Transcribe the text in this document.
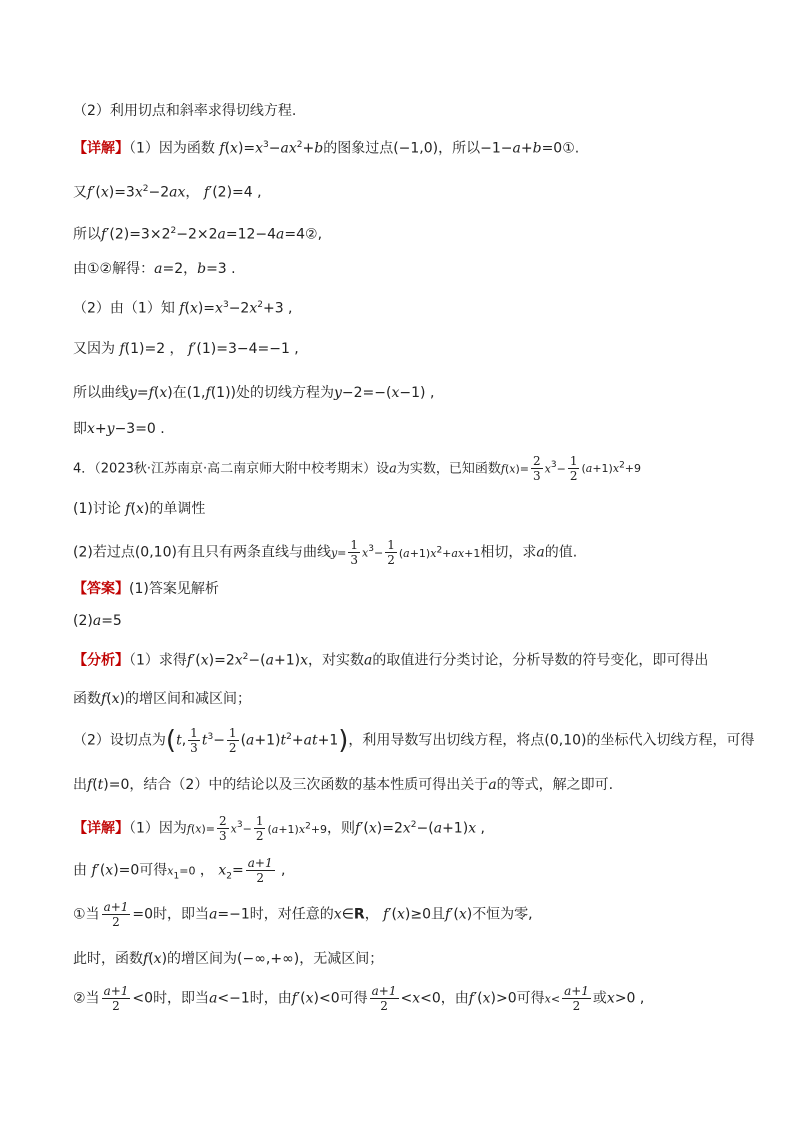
（2）利用切点和斜率求得切线方程.
【详解】（1）因为函数 $f(x)=x^3-ax^2+b$的图象过点(−1,0)，所以−1−a+b=0①.
又$f'(x)=3x^2-2ax$， f′(2)=4 ,
所以$f'(2)=3\times 2^2-2\times 2a=12-4a=4②$,
由①②解得：a=2，b=3 .
（2）由（1）知 $f(x)=x^3-2x^2+3$ ,
又因为 f(1)=2 ， f′(1)=3−4=−1 ,
所以曲线y=f(x)在(1,f(1))处的切线方程为y−2=−(x−1) ,
即x+y−3=0 .
4．（2023秋·江苏南京·高二南京师大附中校考期末）设a为实数，已知函数$f(x)= \frac{2}{3} x^3- \frac{1}{2} (a+1)x^2+9$
(1)讨论 f(x)的单调性
(2)若过点(0,10)有且只有两条直线与曲线$y= \frac{1}{3} x^3- \frac{1}{2} (a+1)x^2+ax+1$相切，求a的值.
【答案】(1)答案见解析
(2)a=5
【分析】（1）求得$f'(x)=2x^2-(a+1)x$，对实数a的取值进行分类讨论，分析导数的符号变化，即可得出
函数f(x)的增区间和减区间；
（2）设切点为(t, $\frac{1}{3} t^3- \frac{1}{2} (a+1)t^2+at+1$)，利用导数写出切线方程，将点(0,10)的坐标代入切线方程，可得
出f(t)=0，结合（2）中的结论以及三次函数的基本性质可得出关于a的等式，解之即可.
【详解】（1）因为$f(x)= \frac{2}{3} x^3- \frac{1}{2} (a+1)x^2+9$，则$f'(x)=2x^2-(a+1)x$ ,
由 f′(x)=0可得$x_1=0$ ， $x_2= \frac{a+1}{2}$ ,
①当 $\frac{a+1}{2} =0$时，即当a=−1时，对任意的x∈R， f′(x)≥0且f′(x)不恒为零,
此时，函数f(x)的增区间为(−∞,+∞)，无减区间；
②当 $\frac{a+1}{2} <0$时，即当a<−1时，由f′(x)<0可得 $\frac{a+1}{2} <x<0$，由f′(x)>0可得$x< \frac{a+1}{2}$ 或x>0 ,
